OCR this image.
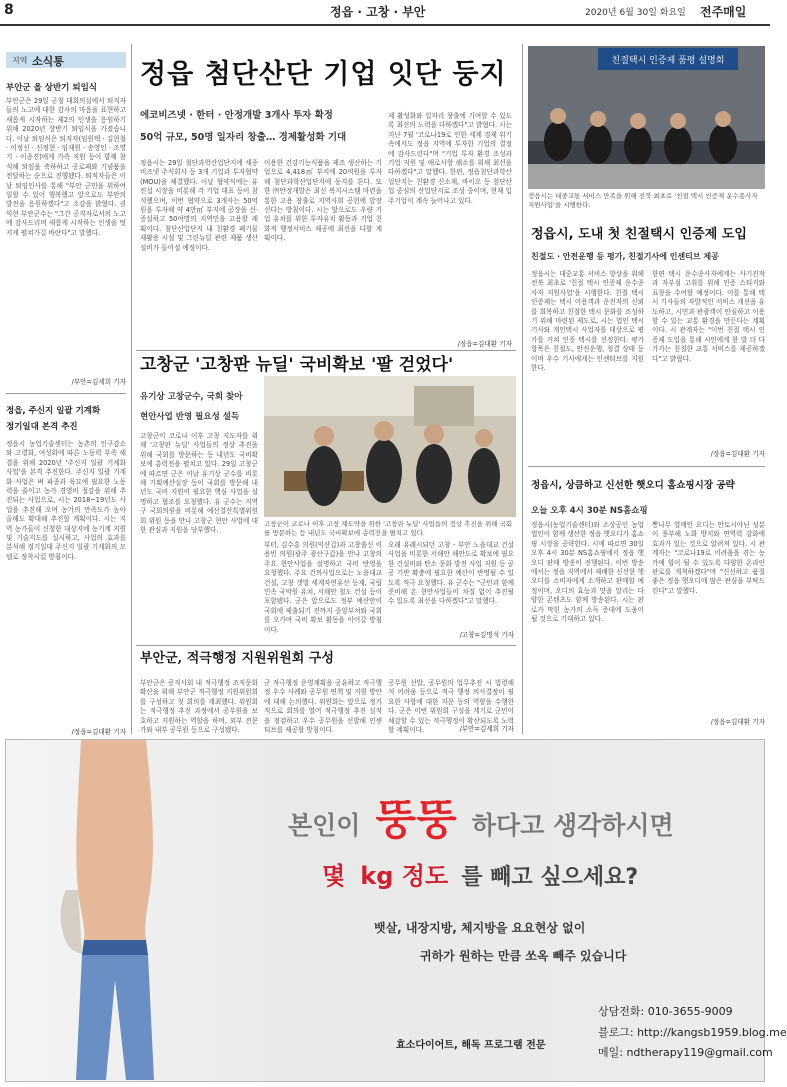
8	정읍 · 고창 · 부안	2020년 6월 30일 화요일 전주매일
지역 소식통
부안군 올 상반기 퇴임식

부안군은 29일 군청 대회의실에서 퇴직자들의 노고에 대한 감사의 마음을 표현하고 새롭게 시작하는 제2의 인생을 응원하기 위해 2020년 상반기 퇴임식을 가졌습니다. 이날 퇴임식은 퇴직자(임원택 · 김현철 · 이정신 · 신정현 · 임재원 · 송영인 · 조영기 · 이종진)에게 가족 직원 등이 함께 참석해 퇴임을 축하하고 공로패와 기념품을 전달하는 순으로 진행됐다. 퇴직자들은 이날 퇴임인사를 통해 "부안 군민을 위하여 일할 수 있어 행복했고 앞으로도 부안의 발전을 응원하겠다"고 소감을 밝혔다. 권익현 부안군수는 "그간 공직자로서의 노고에 감사드리며 새롭게 시작하는 인생을 멋지게 펼쳐가길 바란다"고 말했다.

/부안=김세희 기자
정읍, 주신지 일괄 기계화
정기일대 본격 추진

정읍시 농업기술센터는 농촌의 인구감소와 고령화, 여성화에 따른 노동력 부족 해결을 위해 2020년 '주신지 일괄 기계화 사업'을 본격 추진한다. 주신지 일괄 기계화 사업은 벼 파종과 육묘에 필요한 노동력을 줄이고 농가 경영비 절감을 위해 추진되는 사업으로, 시는 2018~19년도 사업을 추진해 오며 농가의 만족도가 높아 올해도 확대해 추진할 계획이다. 시는 지역 농가들이 신청한 대상지에 농기계 지원 및 기술지도를 실시하고, 사업의 효과를 분석해 정기일대 주신지 일괄 기계화의 모델로 정착시킬 방침이다.

/정읍=김대환 기자
정읍 첨단산단 기업 잇단 둥지
에코비즈넷 · 한터 · 안정개발 3개사 투자 확정
50억 규모, 50명 일자리 창출… 경제활성화 기대

정읍시는 29일 첨단과학산업단지에 세종비즈넷 주식회사 등 3개 기업과 투자협약(MOU)을 체결했다. 이날 협약식에는 유진섭 시장을 비롯해 각 기업 대표 등이 참석했으며, 이번 협약으로 3개사는 50억원을 투자해 약 4만㎡ 부지에 공장을 신·증설하고 50여명의 지역민을 고용할 계획이다. 첨단산업단지 내 친환경 폐기물 재활용 시설 및 그린뉴딜 관련 제품 생산 설비가 들어설 예정이다.

이용한 건강기능식품을 제조 생산하는 기업으로 4,418㎡ 부지에 20억원을 투자해 첨단과학산업단지에 둥지를 튼다. 또한 ㈜안정개발은 최신 복지시스템 마련을 통한 고용 창출로 지역사회 공헌에 앞장선다는 방침이다. 시는 앞으로도 우량 기업 유치를 위한 투자유치 활동과 기업 친화적 행정서비스 제공에 최선을 다할 계획이다.

제 활성화와 일자리 창출에 기여할 수 있도록 최선의 노력을 다하겠다"고 밝혔다. 시는 지난 7월 '코로나19로 인한 세계 경제 위기 속에서도 정읍 지역에 투자한 기업의 결정에 감사드린다"며 "기업 투자 환경 조성과 기업 지원 및 애로사항 해소를 위해 최선을 다하겠다"고 말했다. 한편, 정읍첨단과학산업단지는 친환경 신소재, 바이오 등 첨단산업 중심의 산업단지로 조성 중이며, 현재 입주기업이 계속 늘어나고 있다.

/정읍=김대환 기자
친절택시 인증제 품평 설명회
정읍시는 대중교통 서비스 만족을 위해 전북 최초로 '친절 택시 인증제 운수종사자 지원사업'을 시행한다.
정읍시, 도내 첫 친절택시 인증제 도입
친절도 · 안전운행 등 평가, 친절기사에 인센티브 제공

정읍시는 대중교통 서비스 향상을 위해 전북 최초로 '친절 택시 인증제 운수종사자 지원사업'을 시행한다. 친절 택시 인증제는 택시 이용객과 운전자의 신뢰를 회복하고 친절한 택시 문화를 조성하기 위해 마련된 제도로, 시는 법인 택시기사와 개인택시 사업자를 대상으로 평가를 거쳐 인증 택시를 선정한다. 평가 항목은 친절도, 안전운행, 청결 상태 등이며 우수 기사에게는 인센티브를 지원한다.

한편 택시 운수종사자에게는 사기진작과 자부심 고취를 위해 인증 스티커와 표창을 수여할 예정이다. 이를 통해 택시 기사들의 자발적인 서비스 개선을 유도하고, 시민과 관광객이 안심하고 이용할 수 있는 교통 환경을 만든다는 계획이다. 시 관계자는 "이번 친절 택시 인증제 도입을 통해 시민에게 한 발 더 다가가는 친절한 교통 서비스를 제공하겠다"고 밝혔다.

/정읍=김대환 기자
고창군 '고창판 뉴딜' 국비확보 '팔 걷었다'
유기상 고창군수, 국회 찾아
현안사업 반영 필요성 설득

고창군이 코로나 이후 고창 지도자를 위해 '고창판 뉴딜' 사업들의 정상 추진을 위해 국회를 방문하는 등 내년도 국비확보에 총력전을 펼치고 있다. 29일 고창군에 따르면 군은 이날 유기상 군수를 비롯해 기획예산실장 등이 국회를 방문해 내년도 국비 지원이 필요한 핵심 사업을 설명하고 협조를 요청했다. 유 군수는 지역구 국회의원을 비롯해 예산결산특별위원회 위원 등을 만나 고창군 현안 사업에 대한 관심과 지원을 당부했다.

고창군이 코로나 이후 고창 재도약을 위한 '고창판 뉴딜' 사업들의 정상 추진을 위해 국회를 방문하는 등 내년도 국비확보에 총력전을 펼치고 있다.

부터, 김수흥 의원(익산갑)과 고창출신 이용빈 의원(광주 광산구갑)을 만나 고창의 주요 현안사업을 설명하고 국비 반영을 요청했다. 주요 건의사업으로는 노을대교 건설, 고창 갯벌 세계자연유산 등재, 국립 민속 국악원 유치, 서해안 철도 건설 등이 포함됐다. 군은 앞으로도 정부 예산안이 국회에 제출되기 전까지 중앙부처와 국회를 오가며 국비 확보 활동을 이어갈 방침이다.

오래 유래시되던 고창 - 부안 노을대교 건설사업을 비롯한 서해안 해안도로 확보에 필요한 건설비와 탄소 문화 발전 사업 지원 등 공공 기반 확충에 필요한 예산이 반영될 수 있도록 적극 요청했다. 유 군수는 "군민과 함께 준비해 온 현안사업들이 차질 없이 추진될 수 있도록 최선을 다하겠다"고 말했다.

/고창=김명석 기자
정읍시, 상큼하고 신선한 햇오디 홈쇼핑시장 공략
오늘 오후 4시 30분 NS홈쇼핑

정읍시(농업기술센터)와 소상공인 농업법인이 함께 생산한 정읍 햇오디가 홈쇼핑 시장을 공략한다. 시에 따르면 30일 오후 4시 30분 NS홈쇼핑에서 정읍 햇오디 판매 방송이 진행된다. 이번 방송에서는 정읍 지역에서 재배한 신선한 햇오디를 소비자에게 소개하고 판매할 예정이며, 오디의 효능과 맛을 알리는 다양한 콘텐츠도 함께 방송된다. 시는 판로가 막힌 농가의 소득 증대에 도움이 될 것으로 기대하고 있다.

뽕나무 열매인 오디는 안토시아닌 성분이 풍부해 노화 방지와 면역력 강화에 효과가 있는 것으로 알려져 있다. 시 관계자는 "코로나19로 어려움을 겪는 농가에 힘이 될 수 있도록 다양한 온라인 판로를 개척하겠다"며 "신선하고 품질 좋은 정읍 햇오디에 많은 관심을 부탁드린다"고 말했다.

/정읍=김대환 기자
부안군, 적극행정 지원위원회 구성

부안군은 공직사회 내 적극행정 조직문화 확산을 위해 부안군 적극행정 지원위원회를 구성하고 첫 회의를 개최했다. 위원회는 적극행정 추진 과정에서 공무원을 보호하고 지원하는 역할을 하며, 외부 전문가와 내부 공무원 등으로 구성됐다.

군 적극행정 운영계획을 공유하고 적극행정 우수 사례와 공무원 면책 및 지원 방안에 대해 논의했다. 위원회는 앞으로 정기적으로 회의를 열어 적극행정 추진 실적을 점검하고 우수 공무원을 선발해 인센티브를 제공할 방침이다.

공무원 선발, 공무원의 업무추진 시 법령해석 어려움 등으로 적극 행정 의사결정이 필요한 사항에 대한 자문 등의 역할을 수행한다. 군은 이번 위원회 구성을 계기로 군민이 체감할 수 있는 적극행정이 확산되도록 노력할 계획이다.	/부안=김세희 기자
본인이 뚱뚱 하다고 생각하시면
몇 kg 정도 를 빼고 싶으세요?
뱃살, 내장지방, 체지방을 요요현상 없이
귀하가 원하는 만큼 쏘옥 빼주 있습니다
효소다이어트, 해독 프로그램 전문
상담전화: 010-3655-9009
블로그: http://kangsb1959.blog.me
메일: ndtherapy119@gmail.com
